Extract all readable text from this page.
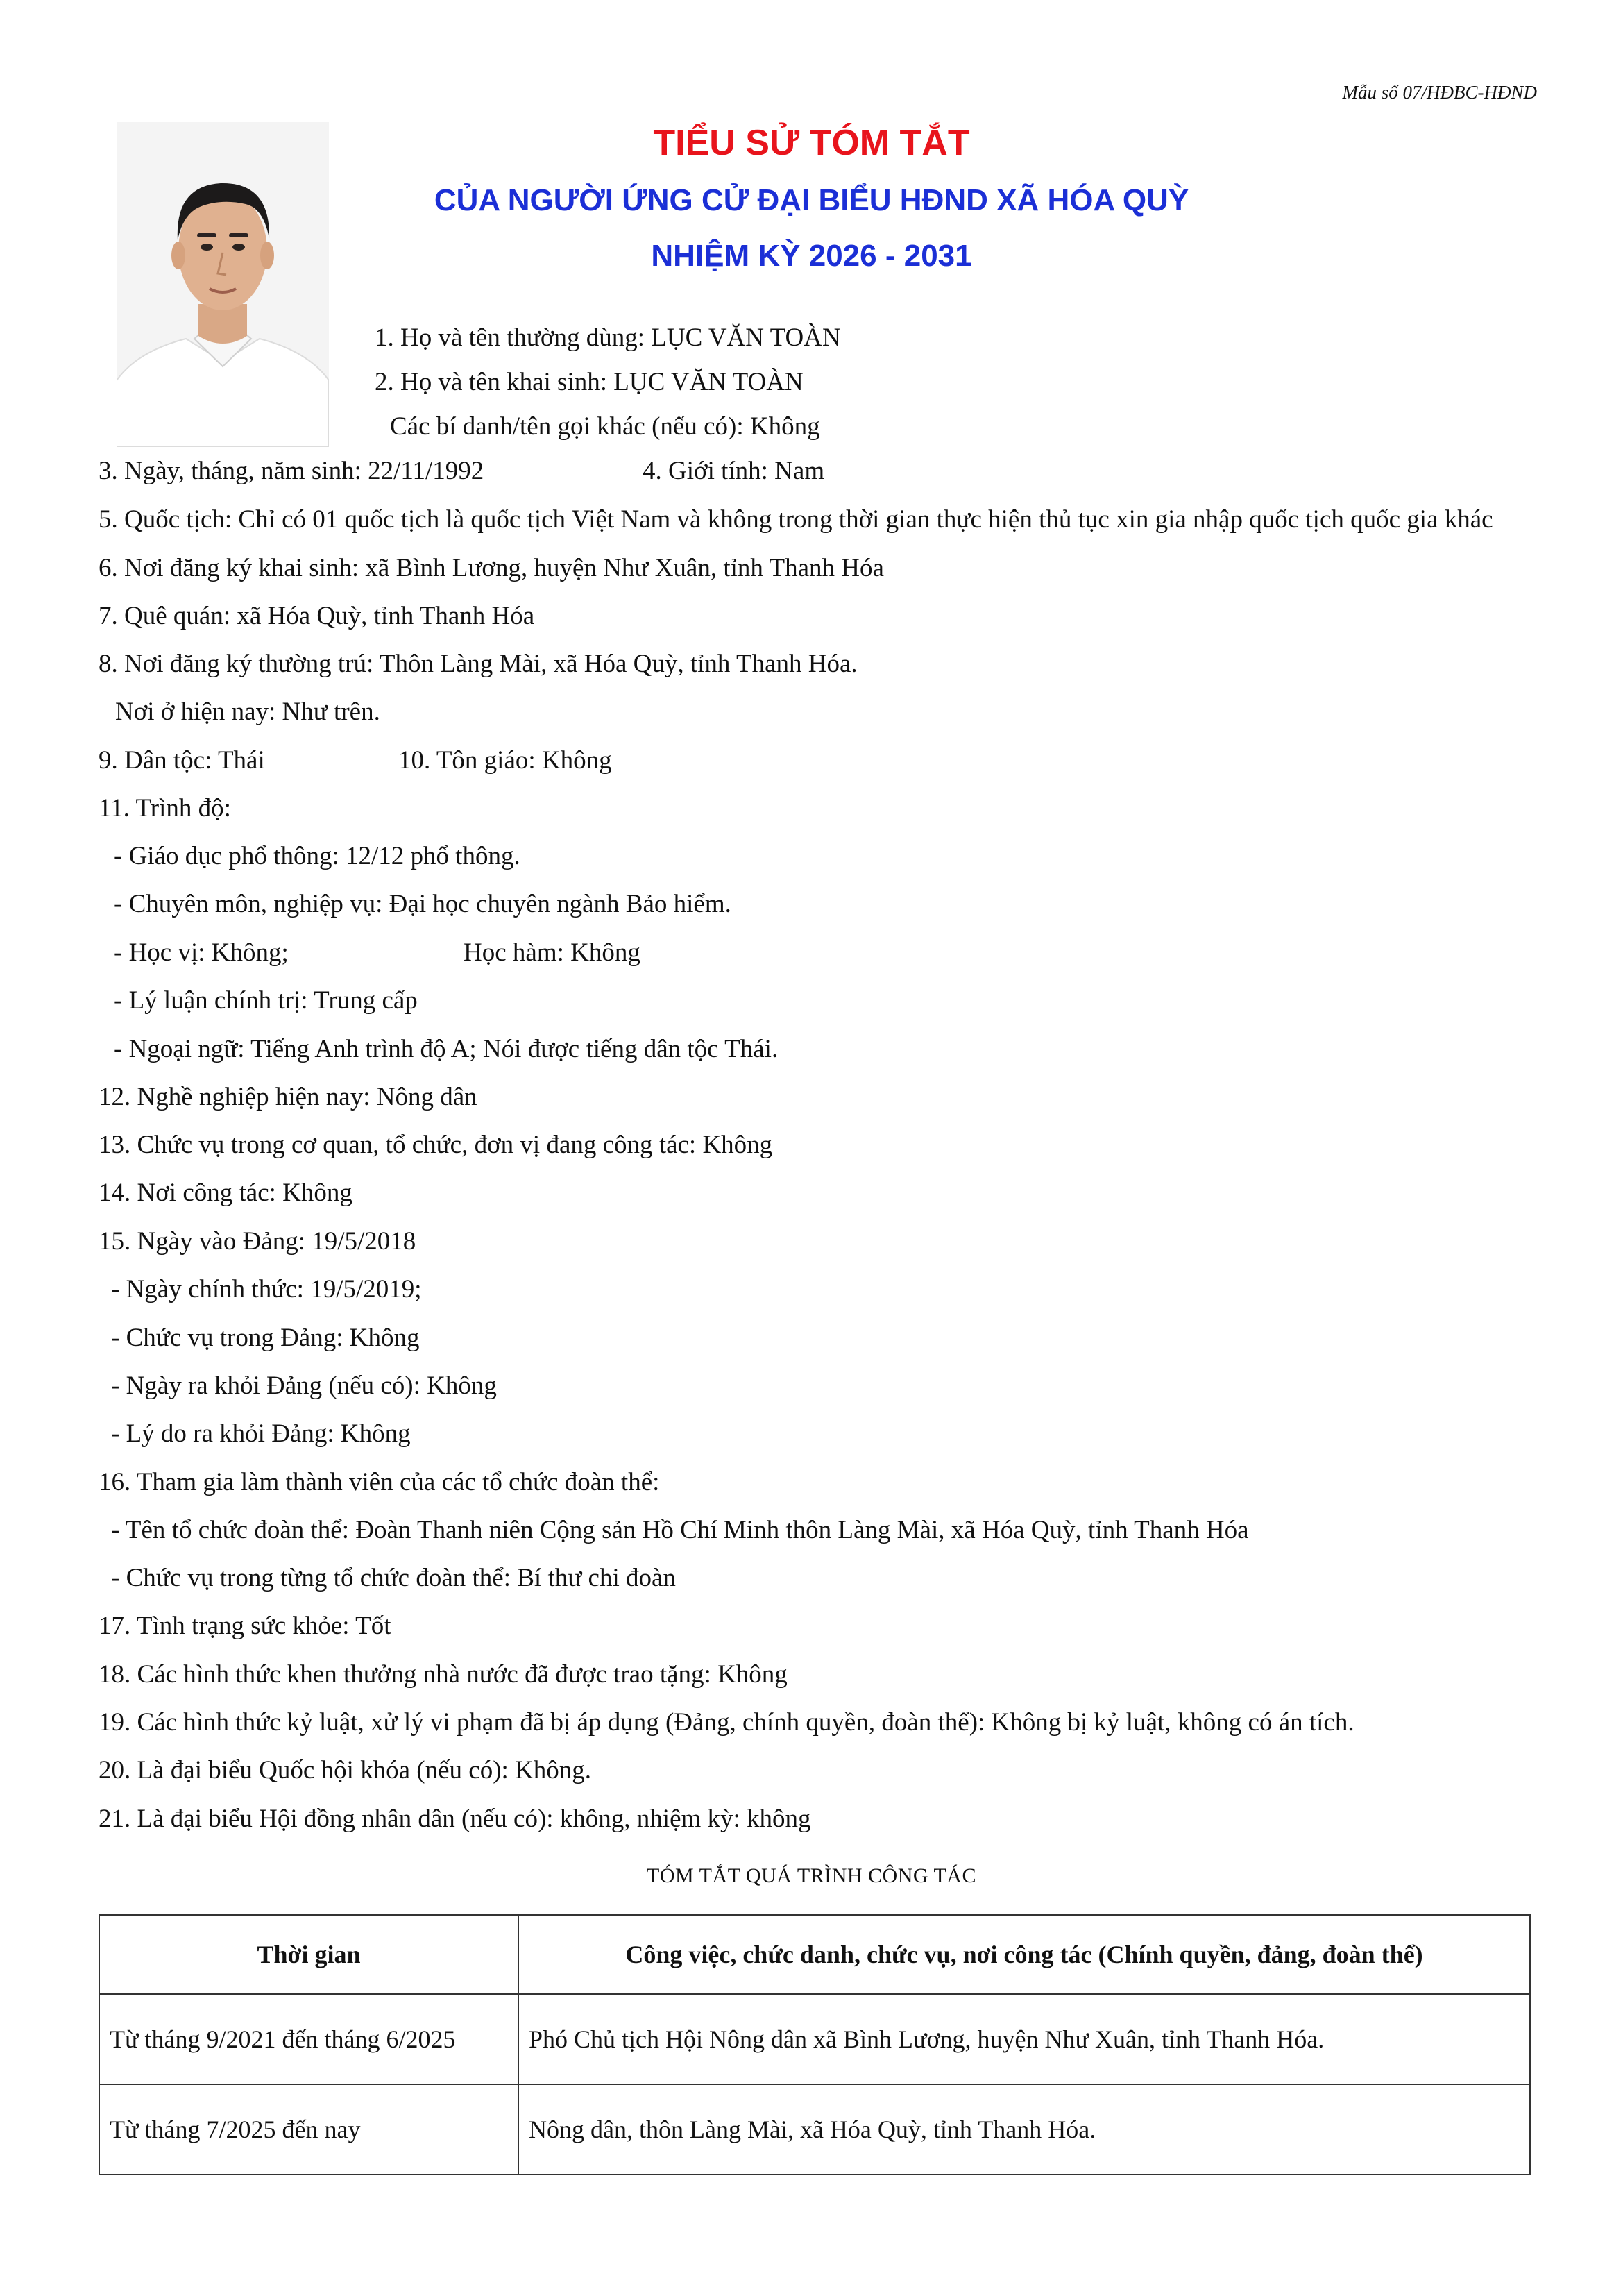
Mẫu số 07/HĐBC-HĐND
TIỂU SỬ TÓM TẮT
CỦA NGƯỜI ỨNG CỬ ĐẠI BIỂU HĐND XÃ HÓA QUỲ
NHIỆM KỲ 2026 - 2031
1. Họ và tên thường dùng: LỤC VĂN TOÀN
2. Họ và tên khai sinh: LỤC VĂN TOÀN
Các bí danh/tên gọi khác (nếu có): Không
3. Ngày, tháng, năm sinh: 22/11/1992	4. Giới tính: Nam
5. Quốc tịch: Chỉ có 01 quốc tịch là quốc tịch Việt Nam và không trong thời gian thực hiện thủ tục xin gia nhập quốc tịch quốc gia khác
6. Nơi đăng ký khai sinh: xã Bình Lương, huyện Như Xuân, tỉnh Thanh Hóa
7. Quê quán: xã Hóa Quỳ, tỉnh Thanh Hóa
8. Nơi đăng ký thường trú: Thôn Làng Mài, xã Hóa Quỳ, tỉnh Thanh Hóa.
Nơi ở hiện nay: Như trên.
9. Dân tộc: Thái	10. Tôn giáo: Không
11. Trình độ:
- Giáo dục phổ thông: 12/12 phổ thông.
- Chuyên môn, nghiệp vụ: Đại học chuyên ngành Bảo hiểm.
- Học vị: Không;	Học hàm: Không
- Lý luận chính trị: Trung cấp
- Ngoại ngữ: Tiếng Anh trình độ A; Nói được tiếng dân tộc Thái.
12. Nghề nghiệp hiện nay: Nông dân
13. Chức vụ trong cơ quan, tổ chức, đơn vị đang công tác: Không
14. Nơi công tác: Không
15. Ngày vào Đảng: 19/5/2018
- Ngày chính thức: 19/5/2019;
- Chức vụ trong Đảng: Không
- Ngày ra khỏi Đảng (nếu có): Không
- Lý do ra khỏi Đảng: Không
16. Tham gia làm thành viên của các tổ chức đoàn thể:
- Tên tổ chức đoàn thể: Đoàn Thanh niên Cộng sản Hồ Chí Minh thôn Làng Mài, xã Hóa Quỳ, tỉnh Thanh Hóa
- Chức vụ trong từng tổ chức đoàn thể: Bí thư chi đoàn
17. Tình trạng sức khỏe: Tốt
18. Các hình thức khen thưởng nhà nước đã được trao tặng: Không
19. Các hình thức kỷ luật, xử lý vi phạm đã bị áp dụng (Đảng, chính quyền, đoàn thể): Không bị kỷ luật, không có án tích.
20. Là đại biểu Quốc hội khóa (nếu có): Không.
21. Là đại biểu Hội đồng nhân dân (nếu có): không, nhiệm kỳ: không
TÓM TẮT QUÁ TRÌNH CÔNG TÁC
Thời gian	Công việc, chức danh, chức vụ, nơi công tác (Chính quyền, đảng, đoàn thể)
Từ tháng 9/2021 đến tháng 6/2025	Phó Chủ tịch Hội Nông dân xã Bình Lương, huyện Như Xuân, tỉnh Thanh Hóa.
Từ tháng 7/2025 đến nay	Nông dân, thôn Làng Mài, xã Hóa Quỳ, tỉnh Thanh Hóa.
